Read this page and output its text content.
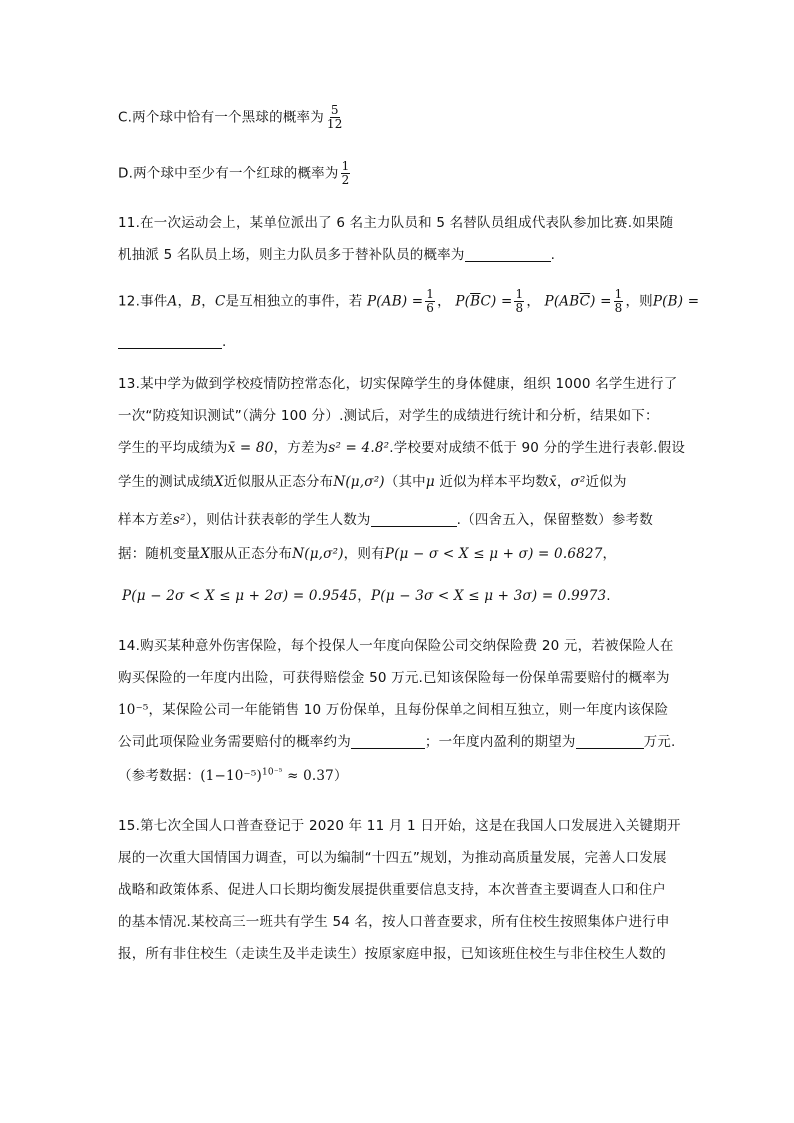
C.两个球中恰有一个黑球的概率为 $\frac{5}{12}$
D.两个球中至少有一个红球的概率为 $\frac{1}{2}$
11.在一次运动会上，某单位派出了 6 名主力队员和 5 名替队员组成代表队参加比赛.如果随
机抽派 5 名队员上场，则主力队员多于替补队员的概率为	.
12.事件A，B，C是互相独立的事件，若 $P(AB) = \frac{1}{6}$ ， $P(\overline{B}C) = \frac{1}{8}$ ， $P(AB\overline{C}) = \frac{1}{8}$ ，则P(B) =
.
13.某中学为做到学校疫情防控常态化，切实保障学生的身体健康，组织 1000 名学生进行了
一次“防疫知识测试”（满分 100 分）.测试后，对学生的成绩进行统计和分析，结果如下：
学生的平均成绩为x̄ = 80，方差为s² = 4.8².学校要对成绩不低于 90 分的学生进行表彰.假设
学生的测试成绩X近似服从正态分布N(μ,σ²)（其中μ 近似为样本平均数x̄，σ²近似为
样本方差s²），则估计获表彰的学生人数为	.（四舍五入，保留整数）参考数
据：随机变量X服从正态分布N(μ,σ²)，则有P(μ − σ < X ≤ μ + σ) = 0.6827，
P(μ − 2σ < X ≤ μ + 2σ) = 0.9545，P(μ − 3σ < X ≤ μ + 3σ) = 0.9973.
14.购买某种意外伤害保险，每个投保人一年度向保险公司交纳保险费 20 元，若被保险人在
购买保险的一年度内出险，可获得赔偿金 50 万元.已知该保险每一份保单需要赔付的概率为
10⁻⁵，某保险公司一年能销售 10 万份保单，且每份保单之间相互独立，则一年度内该保险
公司此项保险业务需要赔付的概率约为	；一年度内盈利的期望为	万元.
（参考数据：$(1-10^{-5})^{10^{-5}} \approx 0.37$）
15.第七次全国人口普查登记于 2020 年 11 月 1 日开始，这是在我国人口发展进入关键期开
展的一次重大国情国力调查，可以为编制“十四五”规划，为推动高质量发展，完善人口发展
战略和政策体系、促进人口长期均衡发展提供重要信息支持，本次普查主要调查人口和住户
的基本情况.某校高三一班共有学生 54 名，按人口普查要求，所有住校生按照集体户进行申
报，所有非住校生（走读生及半走读生）按原家庭申报，已知该班住校生与非住校生人数的
